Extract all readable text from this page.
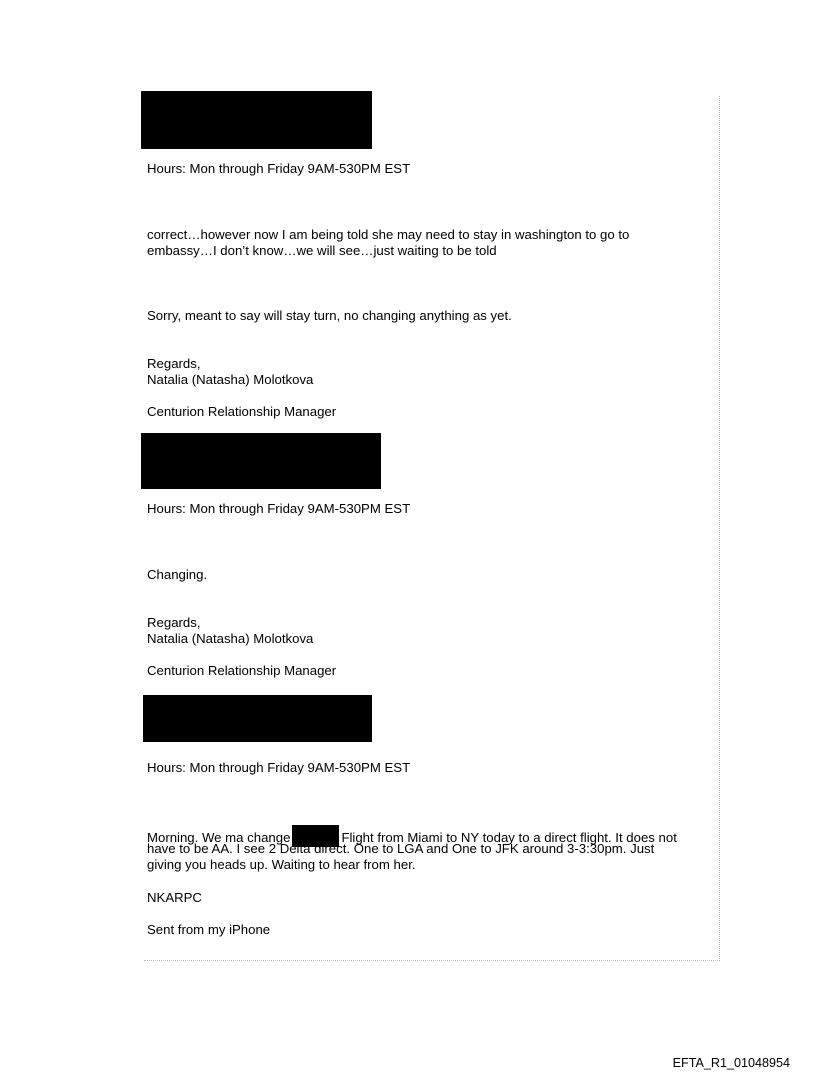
Hours: Mon through Friday 9AM-530PM EST
correct…however now I am being told she may need to stay in washington to go to
embassy…I don’t know…we will see…just waiting to be told
Sorry, meant to say will stay turn, no changing anything as yet.
Regards,
Natalia (Natasha) Molotkova
Centurion Relationship Manager
Hours: Mon through Friday 9AM-530PM EST
Changing.
Regards,
Natalia (Natasha) Molotkova
Centurion Relationship Manager
Hours: Mon through Friday 9AM-530PM EST
Morning. We ma change	Flight from Miami to NY today to a direct flight. It does not
have to be AA. I see 2 Delta direct. One to LGA and One to JFK around 3-3:30pm. Just
giving you heads up. Waiting to hear from her.
NKARPC
Sent from my iPhone
EFTA_R1_01048954
